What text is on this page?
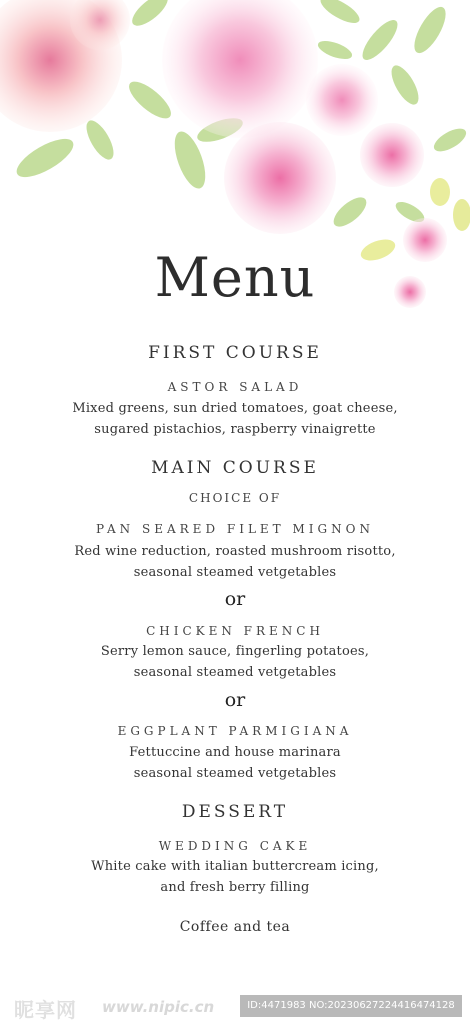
Menu
FIRST COURSE
ASTOR SALAD
Mixed greens, sun dried tomatoes, goat cheese,
sugared pistachios, raspberry vinaigrette
MAIN COURSE
CHOICE OF
PAN SEARED FILET MIGNON
Red wine reduction, roasted mushroom risotto,
seasonal steamed vetgetables
or
CHICKEN FRENCH
Serry lemon sauce, fingerling potatoes,
seasonal steamed vetgetables
or
EGGPLANT PARMIGIANA
Fettuccine and house marinara
seasonal steamed vetgetables
DESSERT
WEDDING CAKE
White cake with italian buttercream icing,
and fresh berry filling
Coffee and tea
昵享网 www.nipic.cn	ID:4471983 NO:20230627224416474128
